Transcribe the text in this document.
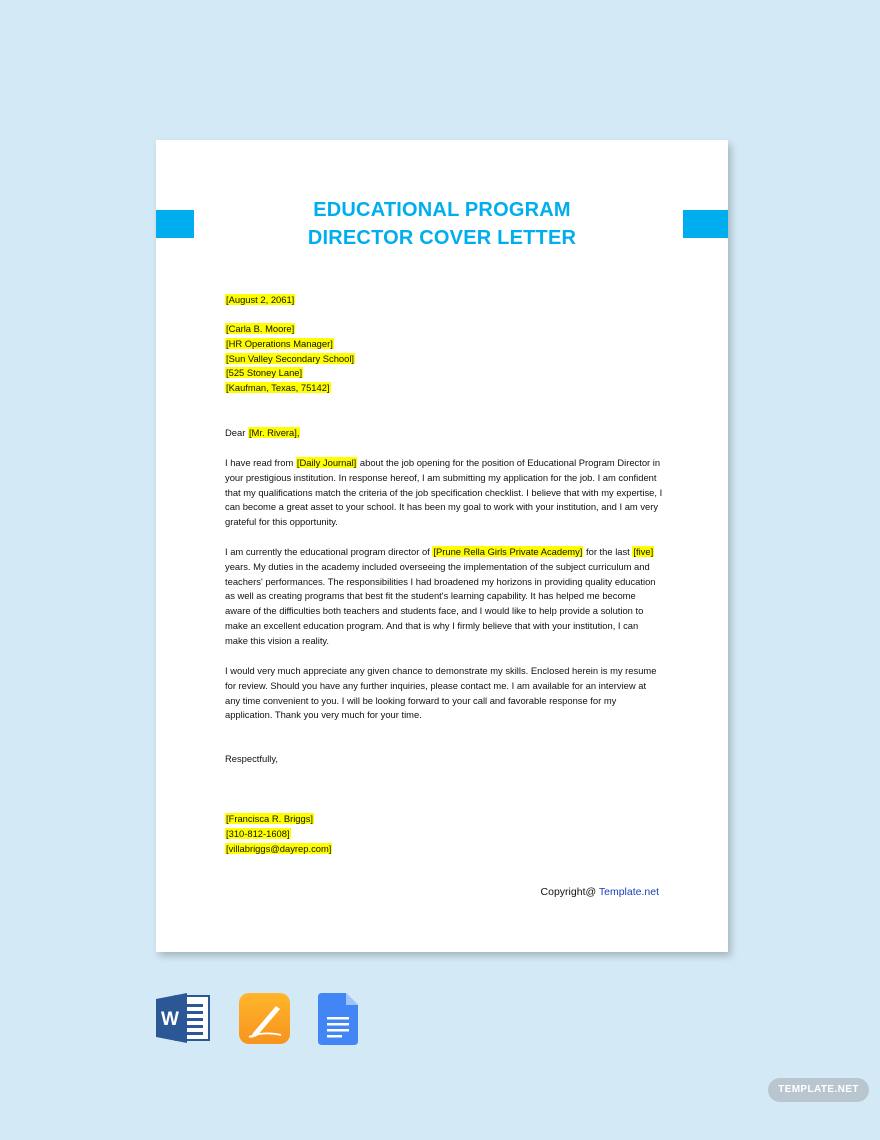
EDUCATIONAL PROGRAM
DIRECTOR COVER LETTER
[August 2, 2061]
[Carla B. Moore]
[HR Operations Manager]
[Sun Valley Secondary School]
[525 Stoney Lane]
[Kaufman, Texas, 75142]
Dear [Mr. Rivera],

I have read from [Daily Journal] about the job opening for the position of Educational Program Director in your prestigious institution. In response hereof, I am submitting my application for the job. I am confident that my qualifications match the criteria of the job specification checklist. I believe that with my expertise, I can become a great asset to your school. It has been my goal to work with your institution, and I am very grateful for this opportunity.

I am currently the educational program director of [Prune Rella Girls Private Academy] for the last [five] years. My duties in the academy included overseeing the implementation of the subject curriculum and teachers' performances. The responsibilities I had broadened my horizons in providing quality education as well as creating programs that best fit the student's learning capability. It has helped me become aware of the difficulties both teachers and students face, and I would like to help provide a solution to make an excellent education program. And that is why I firmly believe that with your institution, I can make this vision a reality.

I would very much appreciate any given chance to demonstrate my skills. Enclosed herein is my resume for review. Should you have any further inquiries, please contact me. I am available for an interview at any time convenient to you. I will be looking forward to your call and favorable response for my application. Thank you very much for your time.

Respectfully,
[Francisca R. Briggs]
[310-812-1608]
[villabriggs@dayrep.com]
Copyright@ Template.net
W
TEMPLATE.NET
